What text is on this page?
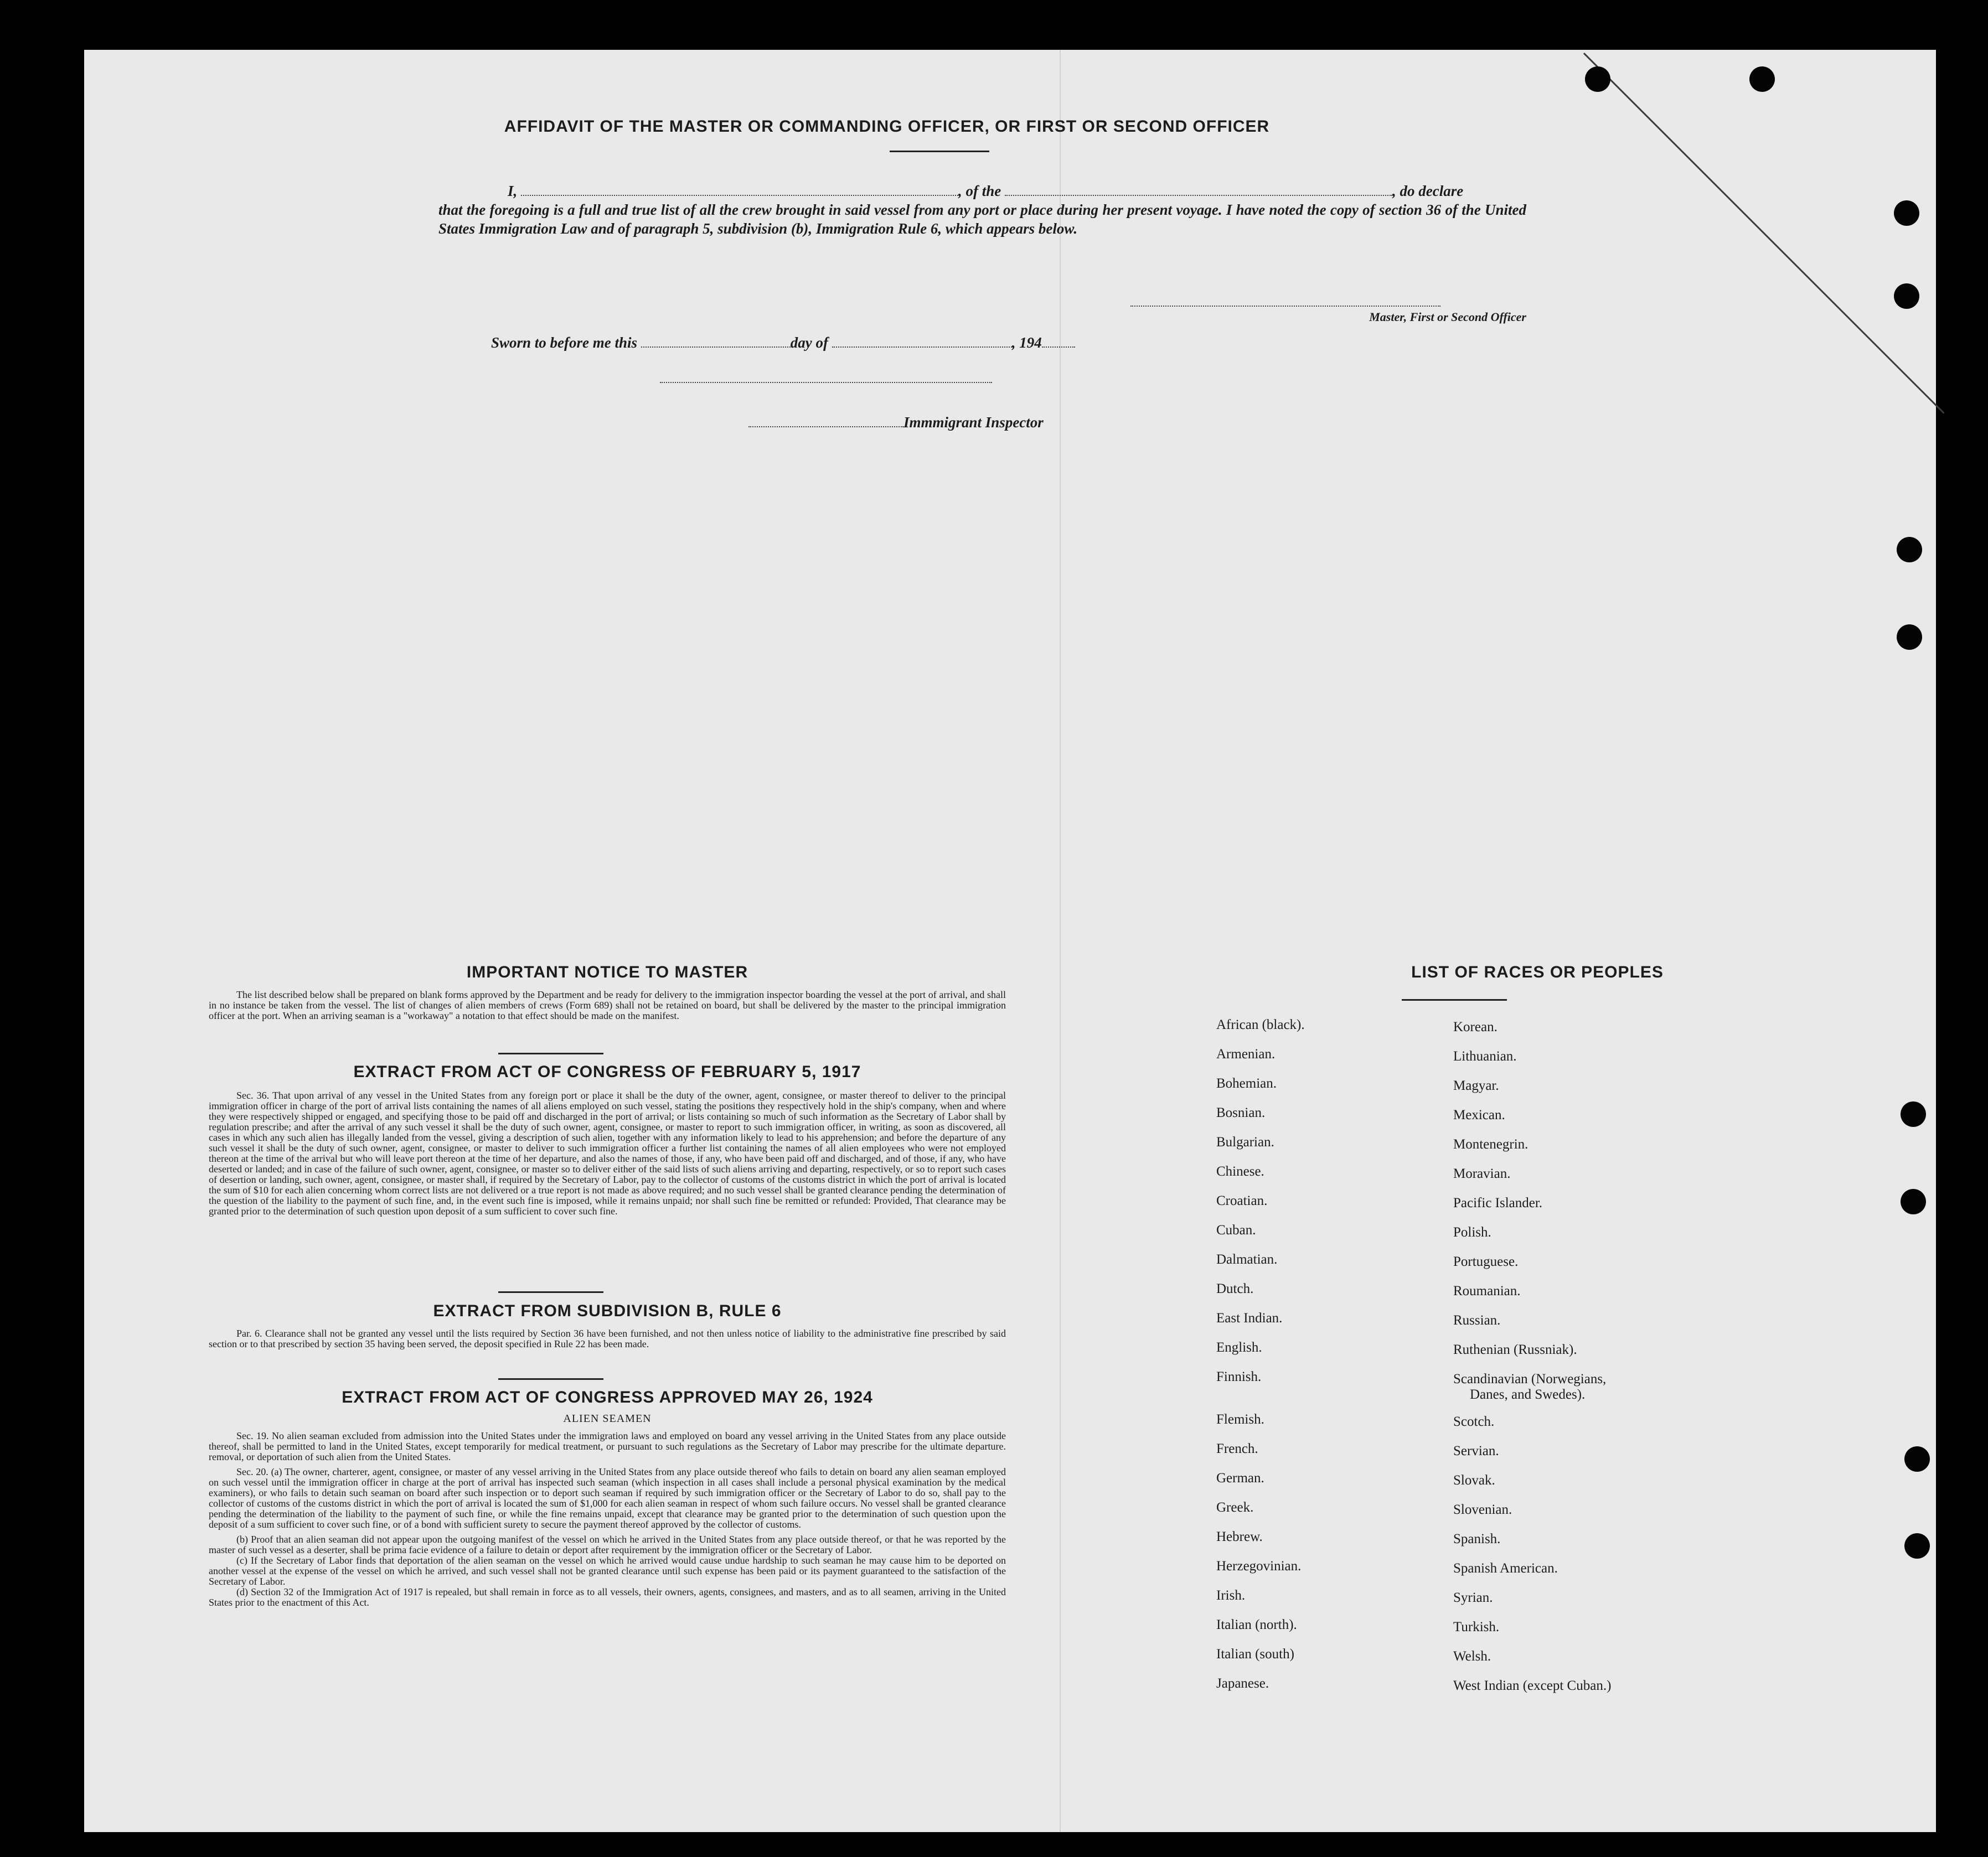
AFFIDAVIT OF THE MASTER OR COMMANDING OFFICER, OR FIRST OR SECOND OFFICER
I,	, of the	, do declare
that the foregoing is a full and true list of all the crew brought in said vessel from any port or place during her present voyage. I have noted the copy of section 36 of the United States Immigration Law and of paragraph 5, subdivision (b), Immigration Rule 6, which appears below.
Master, First or Second Officer
Sworn to before me this	day of	, 194
Immmigrant Inspector
IMPORTANT NOTICE TO MASTER

The list described below shall be prepared on blank forms approved by the Department and be ready for delivery to the immigration inspector boarding the vessel at the port of arrival, and shall in no instance be taken from the vessel. The list of changes of alien members of crews (Form 689) shall not be retained on board, but shall be delivered by the master to the principal immigration officer at the port. When an arriving seaman is a "workaway" a notation to that effect should be made on the manifest.

EXTRACT FROM ACT OF CONGRESS OF FEBRUARY 5, 1917

Sec. 36. That upon arrival of any vessel in the United States from any foreign port or place it shall be the duty of the owner, agent, consignee, or master thereof to deliver to the principal immigration officer in charge of the port of arrival lists containing the names of all aliens employed on such vessel, stating the positions they respectively hold in the ship's company, when and where they were respectively shipped or engaged, and specifying those to be paid off and discharged in the port of arrival; or lists containing so much of such information as the Secretary of Labor shall by regulation prescribe; and after the arrival of any such vessel it shall be the duty of such owner, agent, consignee, or master to report to such immigration officer, in writing, as soon as discovered, all cases in which any such alien has illegally landed from the vessel, giving a description of such alien, together with any information likely to lead to his apprehension; and before the departure of any such vessel it shall be the duty of such owner, agent, consignee, or master to deliver to such immigration officer a further list containing the names of all alien employees who were not employed thereon at the time of the arrival but who will leave port thereon at the time of her departure, and also the names of those, if any, who have been paid off and discharged, and of those, if any, who have deserted or landed; and in case of the failure of such owner, agent, consignee, or master so to deliver either of the said lists of such aliens arriving and departing, respectively, or so to report such cases of desertion or landing, such owner, agent, consignee, or master shall, if required by the Secretary of Labor, pay to the collector of customs of the customs district in which the port of arrival is located the sum of $10 for each alien concerning whom correct lists are not delivered or a true report is not made as above required; and no such vessel shall be granted clearance pending the determination of the question of the liability to the payment of such fine, and, in the event such fine is imposed, while it remains unpaid; nor shall such fine be remitted or refunded: Provided, That clearance may be granted prior to the determination of such question upon deposit of a sum sufficient to cover such fine.

EXTRACT FROM SUBDIVISION B, RULE 6

Par. 6. Clearance shall not be granted any vessel until the lists required by Section 36 have been furnished, and not then unless notice of liability to the administrative fine prescribed by said section or to that prescribed by section 35 having been served, the deposit specified in Rule 22 has been made.

EXTRACT FROM ACT OF CONGRESS APPROVED MAY 26, 1924
ALIEN SEAMEN

Sec. 19. No alien seaman excluded from admission into the United States under the immigration laws and employed on board any vessel arriving in the United States from any place outside thereof, shall be permitted to land in the United States, except temporarily for medical treatment, or pursuant to such regulations as the Secretary of Labor may prescribe for the ultimate departure. removal, or deportation of such alien from the United States.

Sec. 20. (a) The owner, charterer, agent, consignee, or master of any vessel arriving in the United States from any place outside thereof who fails to detain on board any alien seaman employed on such vessel until the immigration officer in charge at the port of arrival has inspected such seaman (which inspection in all cases shall include a personal physical examination by the medical examiners), or who fails to detain such seaman on board after such inspection or to deport such seaman if required by such immigration officer or the Secretary of Labor to do so, shall pay to the collector of customs of the customs district in which the port of arrival is located the sum of $1,000 for each alien seaman in respect of whom such failure occurs. No vessel shall be granted clearance pending the determination of the liability to the payment of such fine, or while the fine remains unpaid, except that clearance may be granted prior to the determination of such question upon the deposit of a sum sufficient to cover such fine, or of a bond with sufficient surety to secure the payment thereof approved by the collector of customs.

(b) Proof that an alien seaman did not appear upon the outgoing manifest of the vessel on which he arrived in the United States from any place outside thereof, or that he was reported by the master of such vessel as a deserter, shall be prima facie evidence of a failure to detain or deport after requirement by the immigration officer or the Secretary of Labor.

(c) If the Secretary of Labor finds that deportation of the alien seaman on the vessel on which he arrived would cause undue hardship to such seaman he may cause him to be deported on another vessel at the expense of the vessel on which he arrived, and such vessel shall not be granted clearance until such expense has been paid or its payment guaranteed to the satisfaction of the Secretary of Labor.

(d) Section 32 of the Immigration Act of 1917 is repealed, but shall remain in force as to all vessels, their owners, agents, consignees, and masters, and as to all seamen, arriving in the United States prior to the enactment of this Act.

LIST OF RACES OR PEOPLES
African (black).
Armenian.
Bohemian.
Bosnian.
Bulgarian.
Chinese.
Croatian.
Cuban.
Dalmatian.
Dutch.
East Indian.
English.
Finnish.
Flemish.
French.
German.
Greek.
Hebrew.
Herzegovinian.
Irish.
Italian (north).
Italian (south)
Japanese.
Korean.
Lithuanian.
Magyar.
Mexican.
Montenegrin.
Moravian.
Pacific Islander.
Polish.
Portuguese.
Roumanian.
Russian.
Ruthenian (Russniak).
Scandinavian (Norwegians,
Danes, and Swedes).
Scotch.
Servian.
Slovak.
Slovenian.
Spanish.
Spanish American.
Syrian.
Turkish.
Welsh.
West Indian (except Cuban.)
